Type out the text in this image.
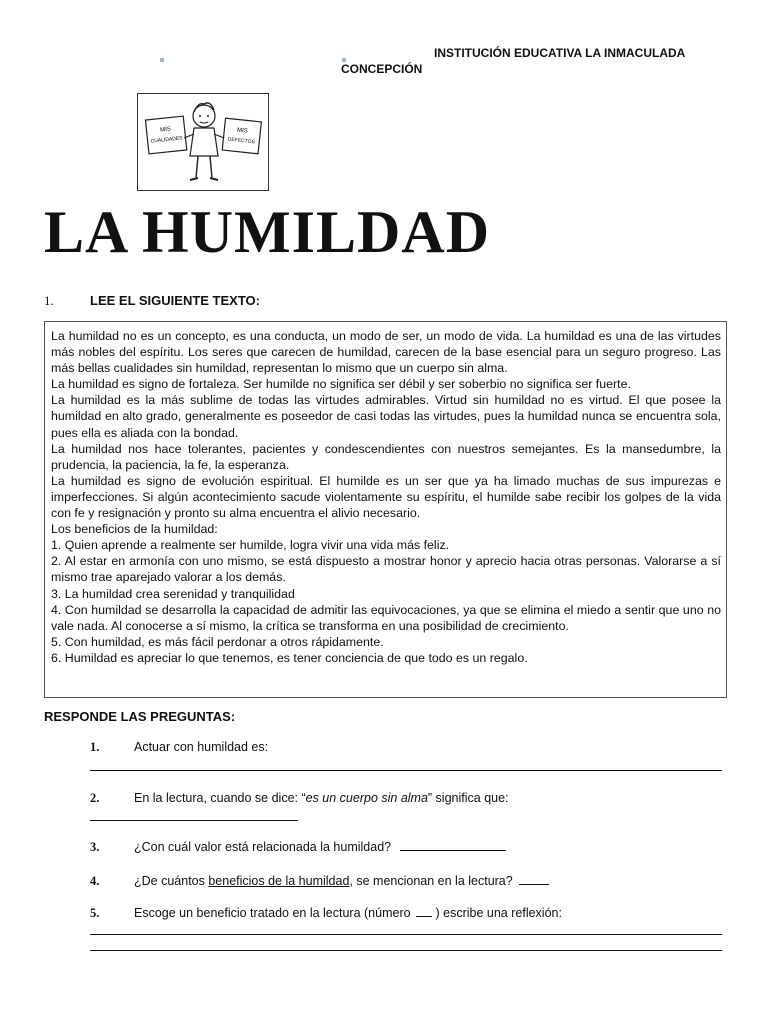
INSTITUCIÓN EDUCATIVA LA INMACULADA
CONCEPCIÓN
MIS
CUALIDADES
MIS
DEFECTOS
LA HUMILDAD
1.	LEE EL SIGUIENTE TEXTO:

La humildad no es un concepto, es una conducta, un modo de ser, un modo de vida. La humildad es una de las virtudes más nobles del espíritu. Los seres que carecen de humildad, carecen de la base esencial para un seguro progreso. Las más bellas cualidades sin humildad, representan lo mismo que un cuerpo sin alma.

La humildad es signo de fortaleza. Ser humilde no significa ser débil y ser soberbio no significa ser fuerte.

La humildad es la más sublime de todas las virtudes admirables. Virtud sin humildad no es virtud. El que posee la humildad en alto grado, generalmente es poseedor de casi todas las virtudes, pues la humildad nunca se encuentra sola, pues ella es aliada con la bondad.

La humildad nos hace tolerantes, pacientes y condescendientes con nuestros semejantes. Es la mansedumbre, la prudencia, la paciencia, la fe, la esperanza.

La humildad es signo de evolución espiritual. El humilde es un ser que ya ha limado muchas de sus impurezas e imperfecciones. Si algún acontecimiento sacude violentamente su espíritu, el humilde sabe recibir los golpes de la vida con fe y resignación y pronto su alma encuentra el alivio necesario.

Los beneficios de la humildad:

1. Quien aprende a realmente ser humilde, logra vivir una vida más feliz.

2. Al estar en armonía con uno mismo, se está dispuesto a mostrar honor y aprecio hacia otras personas. Valorarse a sí mismo trae aparejado valorar a los demás.

3. La humildad crea serenidad y tranquilidad

4. Con humildad se desarrolla la capacidad de admitir las equivocaciones, ya que se elimina el miedo a sentir que uno no vale nada. Al conocerse a sí mismo, la crítica se transforma en una posibilidad de crecimiento.

5. Con humildad, es más fácil perdonar a otros rápidamente.

6. Humildad es apreciar lo que tenemos, es tener conciencia de que todo es un regalo.

RESPONDE LAS PREGUNTAS:
1.	Actuar con humildad es:
2.	En la lectura, cuando se dice: “es un cuerpo sin alma” significa que:
3.	¿Con cuál valor está relacionada la humildad?
4.	¿De cuántos beneficios de la humildad, se mencionan en la lectura?
5.	Escoge un beneficio tratado en la lectura (número  ) escribe una reflexión:
